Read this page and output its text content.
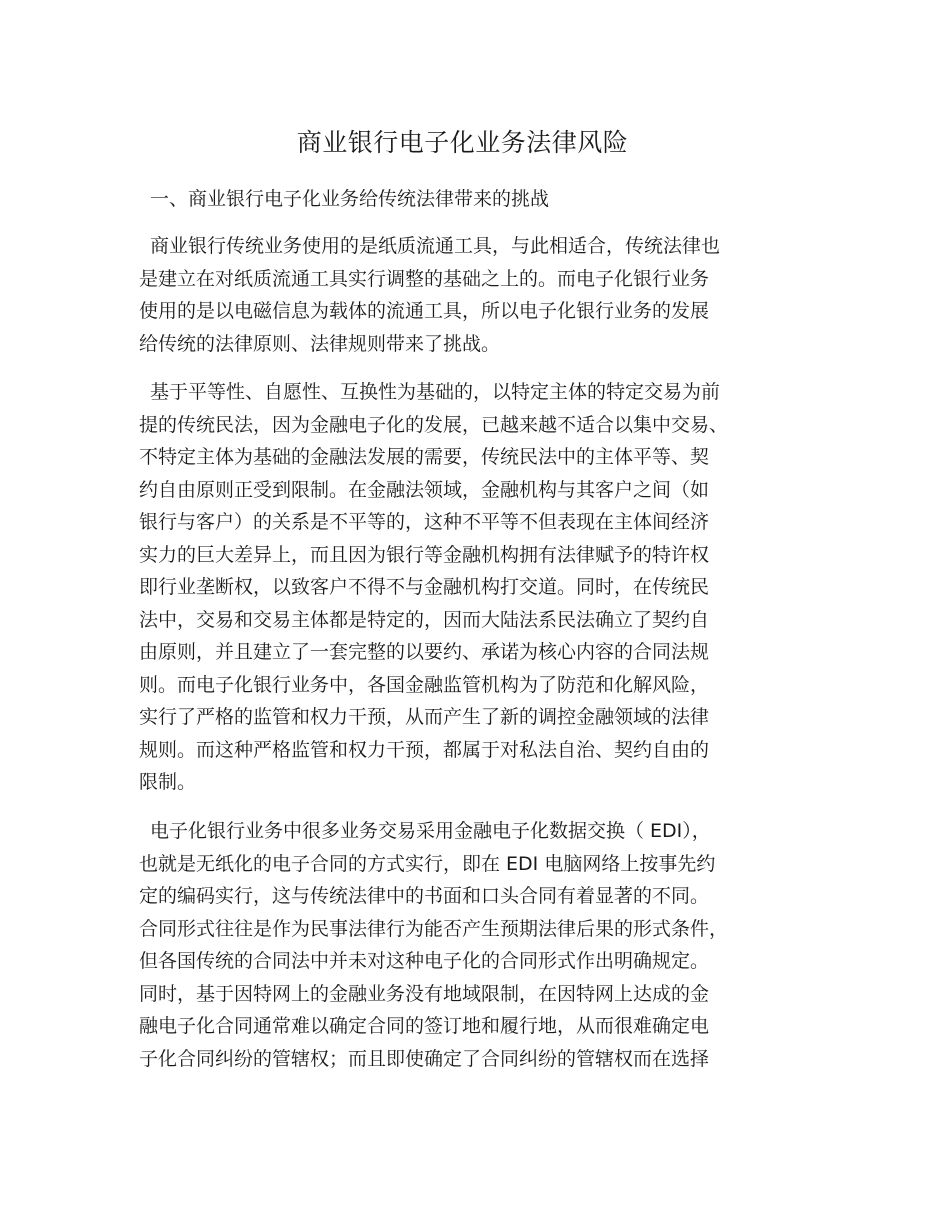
商业银行电子化业务法律风险
一、商业银行电子化业务给传统法律带来的挑战
商业银行传统业务使用的是纸质流通工具，与此相适合，传统法律也
是建立在对纸质流通工具实行调整的基础之上的。而电子化银行业务
使用的是以电磁信息为载体的流通工具，所以电子化银行业务的发展
给传统的法律原则、法律规则带来了挑战。
基于平等性、自愿性、互换性为基础的，以特定主体的特定交易为前
提的传统民法，因为金融电子化的发展，已越来越不适合以集中交易、
不特定主体为基础的金融法发展的需要，传统民法中的主体平等、契
约自由原则正受到限制。在金融法领域，金融机构与其客户之间（如
银行与客户）的关系是不平等的，这种不平等不但表现在主体间经济
实力的巨大差异上，而且因为银行等金融机构拥有法律赋予的特许权
即行业垄断权，以致客户不得不与金融机构打交道。同时，在传统民
法中，交易和交易主体都是特定的，因而大陆法系民法确立了契约自
由原则，并且建立了一套完整的以要约、承诺为核心内容的合同法规
则。而电子化银行业务中，各国金融监管机构为了防范和化解风险，
实行了严格的监管和权力干预，从而产生了新的调控金融领域的法律
规则。而这种严格监管和权力干预，都属于对私法自治、契约自由的
限制。
电子化银行业务中很多业务交易采用金融电子化数据交换（ EDI），
也就是无纸化的电子合同的方式实行，即在 EDI 电脑网络上按事先约
定的编码实行，这与传统法律中的书面和口头合同有着显著的不同。
合同形式往往是作为民事法律行为能否产生预期法律后果的形式条件，
但各国传统的合同法中并未对这种电子化的合同形式作出明确规定。
同时，基于因特网上的金融业务没有地域限制，在因特网上达成的金
融电子化合同通常难以确定合同的签订地和履行地，从而很难确定电
子化合同纠纷的管辖权；而且即使确定了合同纠纷的管辖权而在选择
